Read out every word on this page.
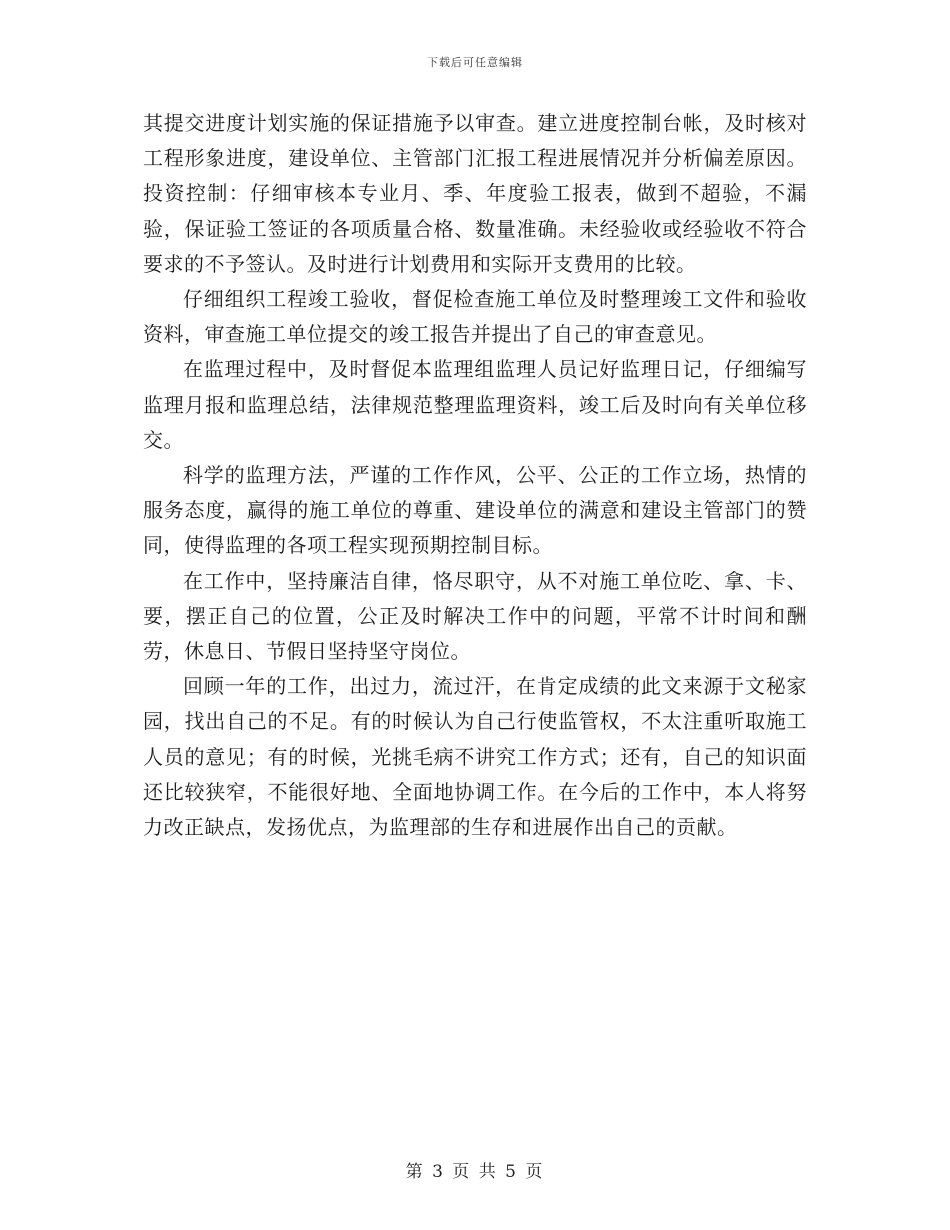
下载后可任意编辑

其提交进度计划实施的保证措施予以审查。建立进度控制台帐，及时核对工程形象进度，建设单位、主管部门汇报工程进展情况并分析偏差原因。投资控制：仔细审核本专业月、季、年度验工报表，做到不超验，不漏验，保证验工签证的各项质量合格、数量准确。未经验收或经验收不符合要求的不予签认。及时进行计划费用和实际开支费用的比较。

仔细组织工程竣工验收，督促检查施工单位及时整理竣工文件和验收资料，审查施工单位提交的竣工报告并提出了自己的审查意见。

在监理过程中，及时督促本监理组监理人员记好监理日记，仔细编写监理月报和监理总结，法律规范整理监理资料，竣工后及时向有关单位移交。

科学的监理方法，严谨的工作作风，公平、公正的工作立场，热情的服务态度，赢得的施工单位的尊重、建设单位的满意和建设主管部门的赞同，使得监理的各项工程实现预期控制目标。

在工作中，坚持廉洁自律，恪尽职守，从不对施工单位吃、拿、卡、要，摆正自己的位置，公正及时解决工作中的问题，平常不计时间和酬劳，休息日、节假日坚持坚守岗位。

回顾一年的工作，出过力，流过汗，在肯定成绩的此文来源于文秘家园，找出自己的不足。有的时候认为自己行使监管权，不太注重听取施工人员的意见；有的时候，光挑毛病不讲究工作方式；还有，自己的知识面还比较狭窄，不能很好地、全面地协调工作。在今后的工作中，本人将努力改正缺点，发扬优点，为监理部的生存和进展作出自己的贡献。

第 3 页 共 5 页
